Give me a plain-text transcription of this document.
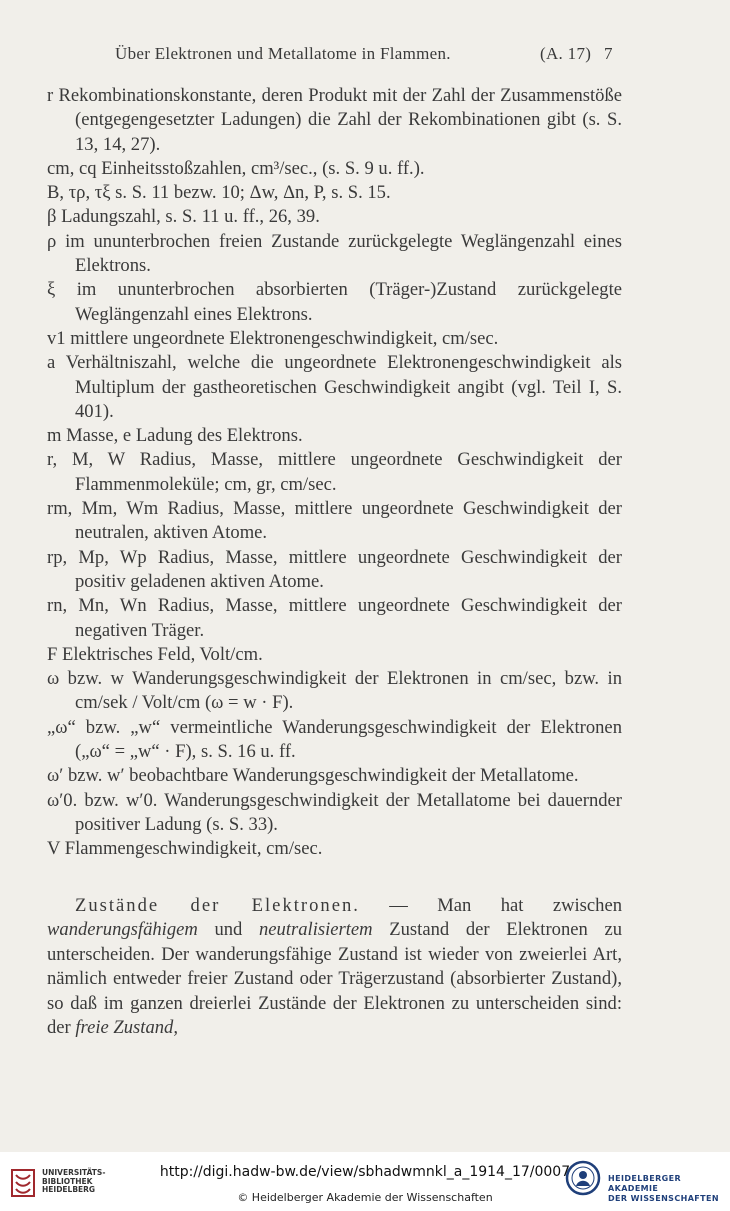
Über Elektronen und Metallatome in Flammen.	(A. 17) 7
r Rekombinationskonstante, deren Produkt mit der Zahl der Zusammenstöße (entgegengesetzter Ladungen) die Zahl der Rekombinationen gibt (s. S. 13, 14, 27).
cm, cq Einheitsstoßzahlen, cm³/sec., (s. S. 9 u. ff.).
B, τρ, τξ s. S. 11 bezw. 10; Δw, Δn, P, s. S. 15.
β Ladungszahl, s. S. 11 u. ff., 26, 39.
ρ im ununterbrochen freien Zustande zurückgelegte Weglängenzahl eines Elektrons.
ξ im ununterbrochen absorbierten (Träger-)Zustand zurückgelegte Weglängenzahl eines Elektrons.
v1 mittlere ungeordnete Elektronengeschwindigkeit, cm/sec.
a Verhältniszahl, welche die ungeordnete Elektronengeschwindigkeit als Multiplum der gastheoretischen Geschwindigkeit angibt (vgl. Teil I, S. 401).
m Masse, e Ladung des Elektrons.
r, M, W Radius, Masse, mittlere ungeordnete Geschwindigkeit der Flammenmoleküle; cm, gr, cm/sec.
rm, Mm, Wm Radius, Masse, mittlere ungeordnete Geschwindigkeit der neutralen, aktiven Atome.
rp, Mp, Wp Radius, Masse, mittlere ungeordnete Geschwindigkeit der positiv geladenen aktiven Atome.
rn, Mn, Wn Radius, Masse, mittlere ungeordnete Geschwindigkeit der negativen Träger.
F Elektrisches Feld, Volt/cm.
ω bzw. w Wanderungsgeschwindigkeit der Elektronen in cm/sec, bzw. in cm/sek / Volt/cm (ω = w · F).
„ω“ bzw. „w“ vermeintliche Wanderungsgeschwindigkeit der Elektronen („ω“ = „w“ · F), s. S. 16 u. ff.
ω′ bzw. w′ beobachtbare Wanderungsgeschwindigkeit der Metallatome.
ω′0. bzw. w′0. Wanderungsgeschwindigkeit der Metallatome bei dauernder positiver Ladung (s. S. 33).
V Flammengeschwindigkeit, cm/sec.
Zustände der Elektronen. — Man hat zwischen wanderungsfähigem und neutralisiertem Zustand der Elektronen zu unterscheiden. Der wanderungsfähige Zustand ist wieder von zweierlei Art, nämlich entweder freier Zustand oder Trägerzustand (absorbierter Zustand), so daß im ganzen dreierlei Zustände der Elektronen zu unterscheiden sind: der freie Zustand,
UNIVERSITÄTS-
BIBLIOTHEK
HEIDELBERG
http://digi.hadw-bw.de/view/sbhadwmnkl_a_1914_17/0007
© Heidelberger Akademie der Wissenschaften
HEIDELBERGER AKADEMIE
DER WISSENSCHAFTEN
